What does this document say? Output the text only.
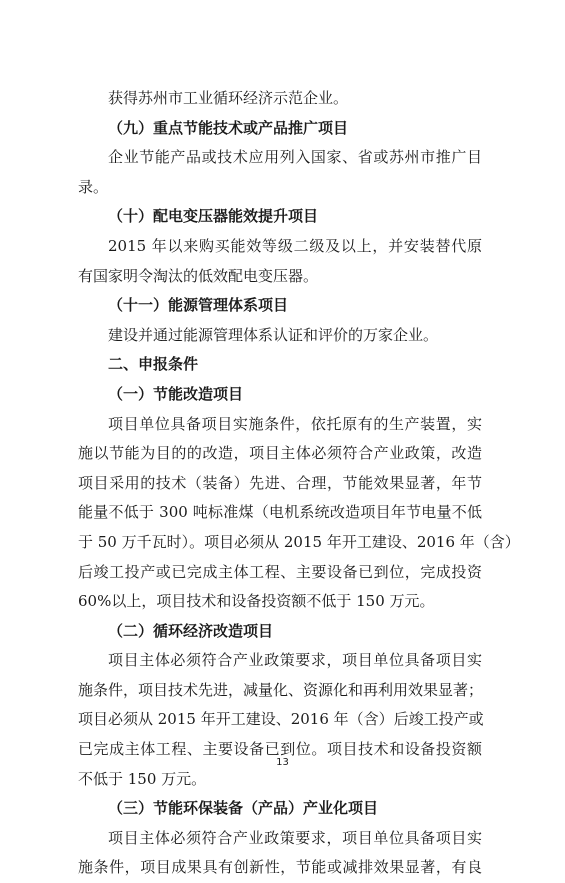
获得苏州市工业循环经济示范企业。
（九）重点节能技术或产品推广项目
企业节能产品或技术应用列入国家、省或苏州市推广目
录。
（十）配电变压器能效提升项目
2015 年以来购买能效等级二级及以上，并安装替代原
有国家明令淘汰的低效配电变压器。
（十一）能源管理体系项目
建设并通过能源管理体系认证和评价的万家企业。
二、申报条件
（一）节能改造项目
项目单位具备项目实施条件，依托原有的生产装置，实
施以节能为目的的改造，项目主体必须符合产业政策，改造
项目采用的技术（装备）先进、合理，节能效果显著，年节
能量不低于 300 吨标准煤（电机系统改造项目年节电量不低
于 50 万千瓦时）。项目必须从 2015 年开工建设、2016 年（含）
后竣工投产或已完成主体工程、主要设备已到位，完成投资
60%以上，项目技术和设备投资额不低于 150 万元。
（二）循环经济改造项目
项目主体必须符合产业政策要求，项目单位具备项目实
施条件，项目技术先进，减量化、资源化和再利用效果显著；
项目必须从 2015 年开工建设、2016 年（含）后竣工投产或
已完成主体工程、主要设备已到位。项目技术和设备投资额
不低于 150 万元。
（三）节能环保装备（产品）产业化项目
项目主体必须符合产业政策要求，项目单位具备项目实
施条件，项目成果具有创新性，节能或减排效果显著，有良
13
